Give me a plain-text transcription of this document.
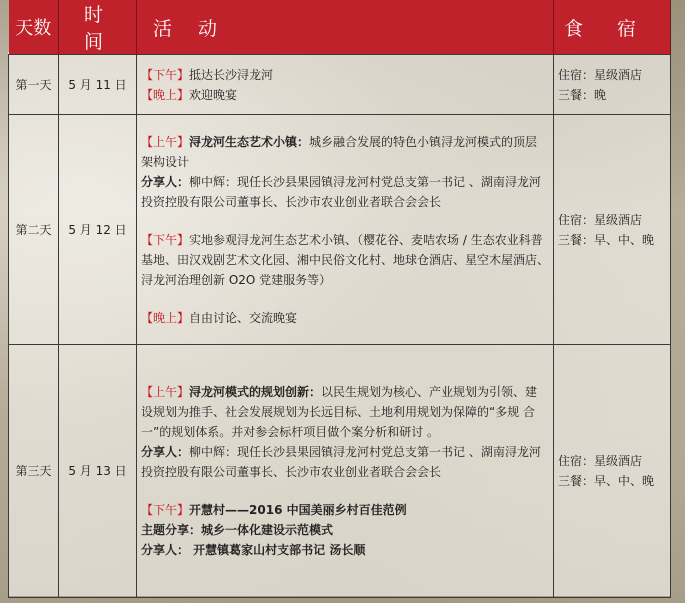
天数	时 间	活 动	食 宿
第一天	5 月 11 日	【下午】抵达长沙浔龙河
【晚上】欢迎晚宴	住宿：星级酒店
三餐：晚

第二天	5 月 12 日	【上午】浔龙河生态艺术小镇：城乡融合发展的特色小镇浔龙河模式的顶层架构设计
分享人：柳中辉：现任长沙县果园镇浔龙河村党总支第一书记 、湖南浔龙河投资控股有限公司董事长、长沙市农业创业者联合会会长
【下午】实地参观浔龙河生态艺术小镇、（樱花谷、麦咭农场 / 生态农业科普基地、田汉戏剧艺术文化园、湘中民俗文化村、地球仓酒店、星空木屋酒店、浔龙河治理创新 O2O 党建服务等）
【晚上】自由讨论、交流晚宴	住宿：星级酒店
三餐：早、中、晚

第三天	5 月 13 日	【上午】浔龙河模式的规划创新：以民生规划为核心、产业规划为引领、建设规划为推手、社会发展规划为长远目标、土地利用规划为保障的“多规 合一”的规划体系。并对参会标杆项目做个案分析和研讨 。
分享人：柳中辉：现任长沙县果园镇浔龙河村党总支第一书记 、湖南浔龙河投资控股有限公司董事长、长沙市农业创业者联合会会长
【下午】开慧村——2016 中国美丽乡村百佳范例
主题分享：城乡一体化建设示范模式
分享人： 开慧镇葛家山村支部书记 汤长顺	住宿：星级酒店
三餐：早、中、晚
